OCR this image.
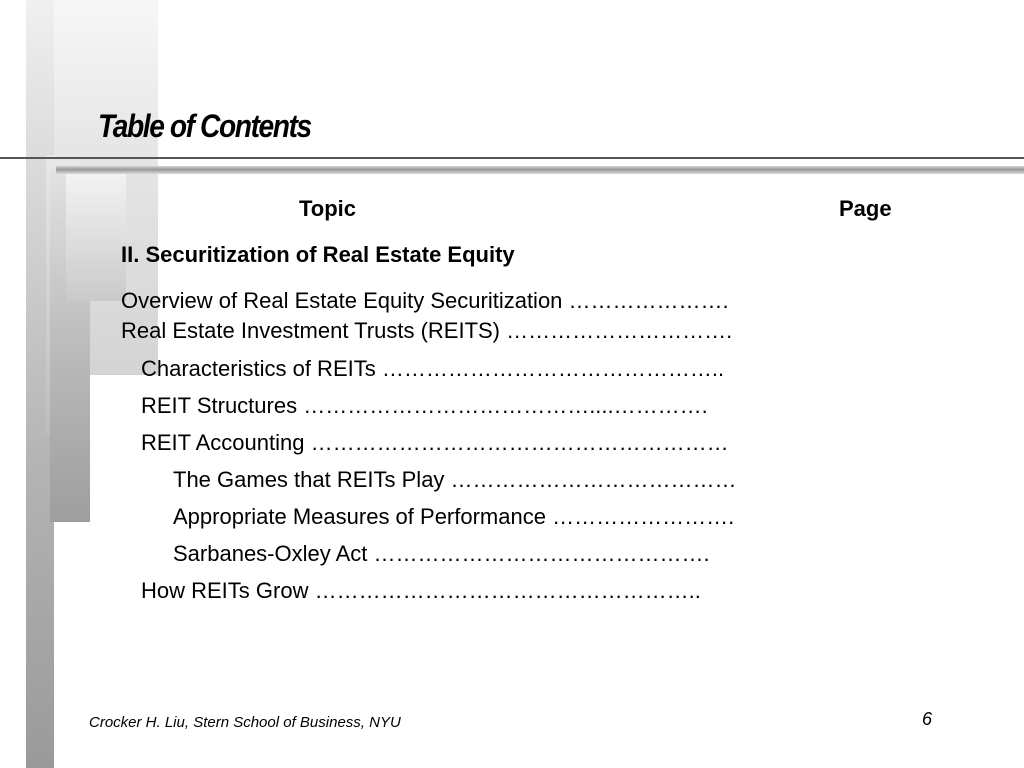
Table of Contents
Topic	Page
II. Securitization of Real Estate Equity
Overview of Real Estate Equity Securitization ………………….
Real Estate Investment Trusts (REITS) ………………………….
Characteristics of REITs ………………………………………..
REIT Structures …………………………………....………….
REIT Accounting …………………………………………………
The Games that REITs Play …………………………………
Appropriate Measures of Performance …………………….
Sarbanes-Oxley Act ……………………………………….
How REITs Grow ……………………………………………..
Crocker H. Liu, Stern School of Business, NYU	6
